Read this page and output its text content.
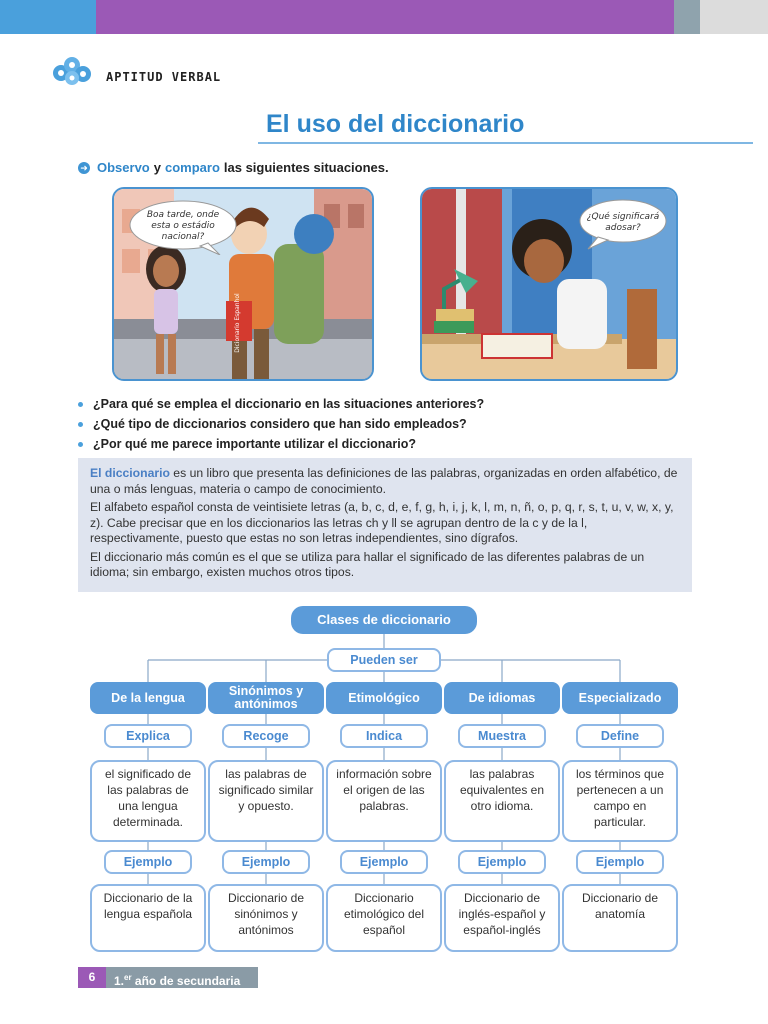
APTITUD VERBAL
El uso del diccionario
➜ Observo y comparo las siguientes situaciones.
Dicionario Espanhol
Boa tarde, onde
esta o estádio
nacional?
¿Qué significará
adosar?
¿Para qué se emplea el diccionario en las situaciones anteriores?
¿Qué tipo de diccionarios considero que han sido empleados?
¿Por qué me parece importante utilizar el diccionario?

El diccionario es un libro que presenta las definiciones de las palabras, organizadas en orden alfabético, de una o más lenguas, materia o campo de conocimiento.

El alfabeto español consta de veintisiete letras (a, b, c, d, e, f, g, h, i, j, k, l, m, n, ñ, o, p, q, r, s, t, u, v, w, x, y, z). Cabe precisar que en los diccionarios las letras ch y ll se agrupan dentro de la c y de la l, respectivamente, puesto que estas no son letras independientes, sino dígrafos.

El diccionario más común es el que se utiliza para hallar el significado de las diferentes palabras de un idioma; sin embargo, existen muchos otros tipos.

Clases de diccionario
Pueden ser
De la lengua
Explica
el significado de las palabras de una lengua determinada.
Ejemplo
Diccionario de la lengua española
Sinónimos y antónimos
Recoge
las palabras de significado similar y opuesto.
Ejemplo
Diccionario de sinónimos y antónimos
Etimológico
Indica
información sobre el origen de las palabras.
Ejemplo
Diccionario etimológico del español
De idiomas
Muestra
las palabras equivalentes en otro idioma.
Ejemplo
Diccionario de inglés-español y español-inglés
Especializado
Define
los términos que pertenecen a un campo en particular.
Ejemplo
Diccionario de anatomía
6	1.$^{er}$ año de secundaria
